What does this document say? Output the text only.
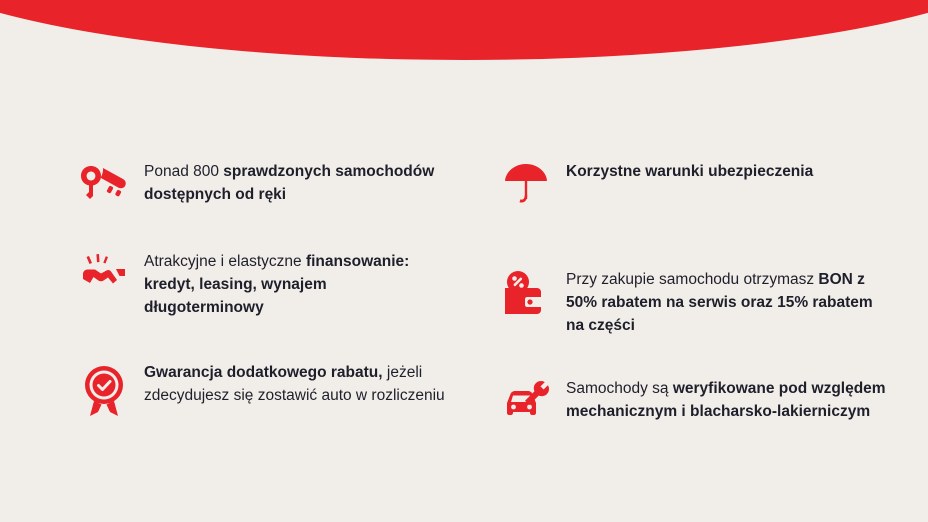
Ponad 800 sprawdzonych samochodów dostępnych od ręki
Atrakcyjne i elastyczne finansowanie: kredyt, leasing, wynajem długoterminowy
Gwarancja dodatkowego rabatu, jeżeli zdecydujesz się zostawić auto w rozliczeniu
Korzystne warunki ubezpieczenia
Przy zakupie samochodu otrzymasz BON z 50% rabatem na serwis oraz 15% rabatem na części
Samochody są weryfikowane pod względem mechanicznym i blacharsko-lakierniczym
